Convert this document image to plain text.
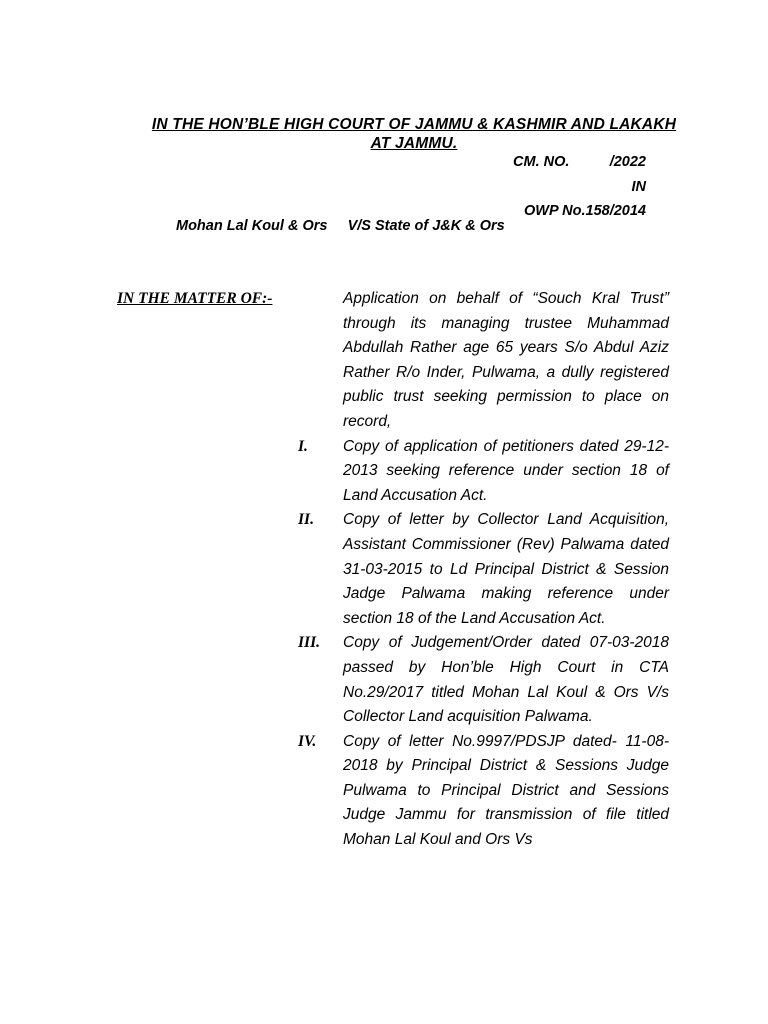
IN THE HON’BLE HIGH COURT OF JAMMU & KASHMIR AND LAKAKH
AT JAMMU.
CM. NO.          /2022
IN
OWP No.158/2014
Mohan Lal Koul & Ors     V/S State of J&K & Ors
IN THE MATTER OF:-	Application on behalf of “Souch Kral Trust” through its managing trustee Muhammad Abdullah Rather age 65 years S/o Abdul Aziz Rather R/o Inder, Pulwama, a dully registered public trust seeking permission to place on record,

I. Copy of application of petitioners dated 29-12-2013 seeking reference under section 18 of Land Accusation Act.
II. Copy of letter by Collector Land Acquisition, Assistant Commissioner (Rev) Palwama dated 31-03-2015 to Ld Principal District & Session Jadge Palwama making reference under section 18 of the Land Accusation Act.
III. Copy of Judgement/Order dated 07-03-2018 passed by Hon’ble High Court in CTA No.29/2017 titled Mohan Lal Koul & Ors V/s Collector Land acquisition Palwama.
IV. Copy of letter No.9997/PDSJP dated- 11-08-2018 by Principal District & Sessions Judge Pulwama to Principal District and Sessions Judge Jammu for transmission of file titled Mohan Lal Koul and Ors Vs
